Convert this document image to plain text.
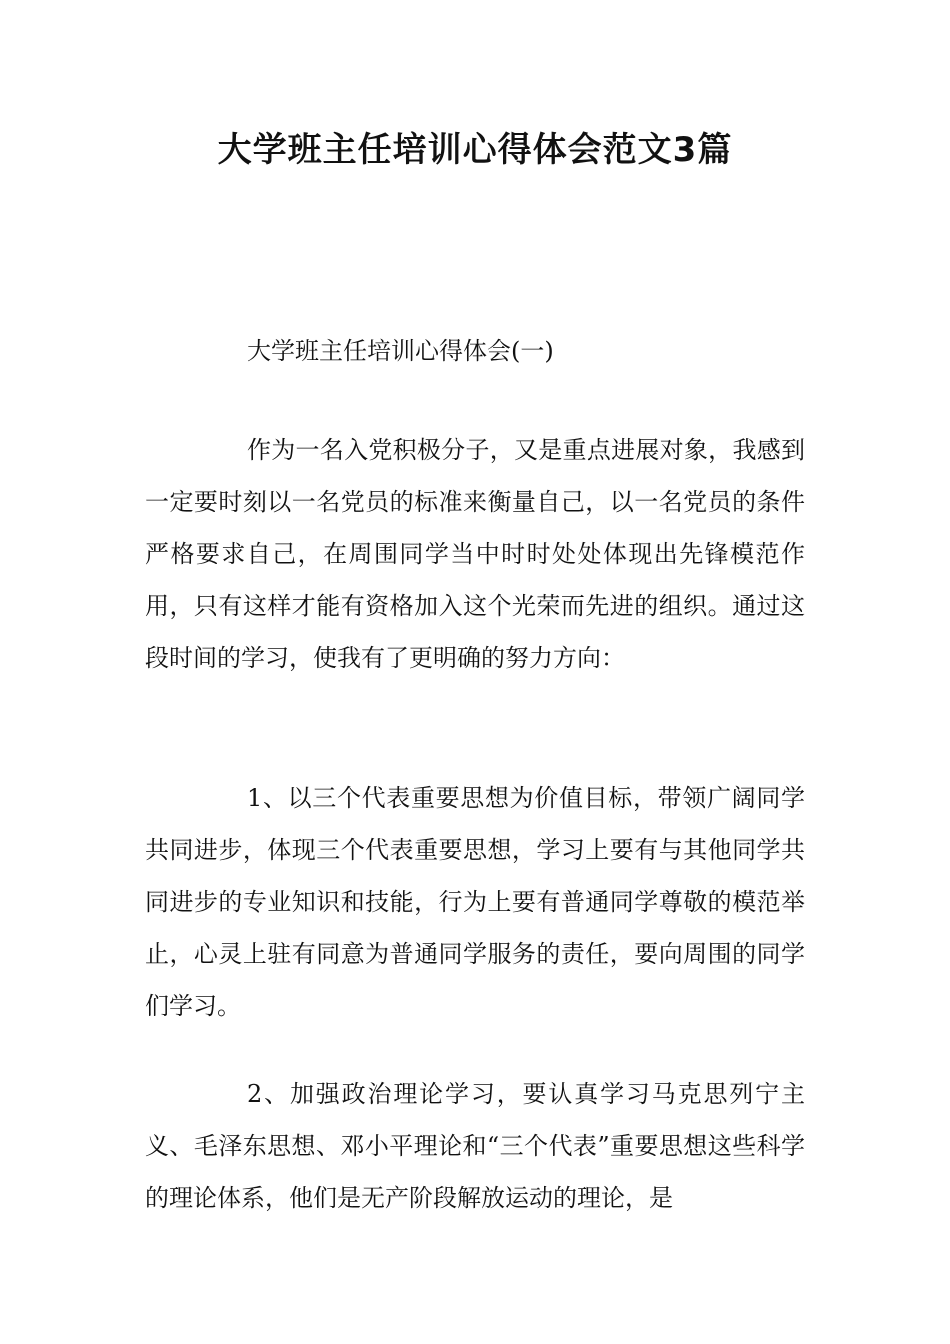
大学班主任培训心得体会范文3篇

大学班主任培训心得体会(一)

作为一名入党积极分子，又是重点进展对象，我感到一定要时刻以一名党员的标准来衡量自己，以一名党员的条件严格要求自己，在周围同学当中时时处处体现出先锋模范作用，只有这样才能有资格加入这个光荣而先进的组织。通过这段时间的学习，使我有了更明确的努力方向：

1、以三个代表重要思想为价值目标，带领广阔同学共同进步，体现三个代表重要思想，学习上要有与其他同学共同进步的专业知识和技能，行为上要有普通同学尊敬的模范举止，心灵上驻有同意为普通同学服务的责任，要向周围的同学们学习。

2、加强政治理论学习，要认真学习马克思列宁主义、毛泽东思想、邓小平理论和“三个代表”重要思想这些科学的理论体系，他们是无产阶段解放运动的理论，是
